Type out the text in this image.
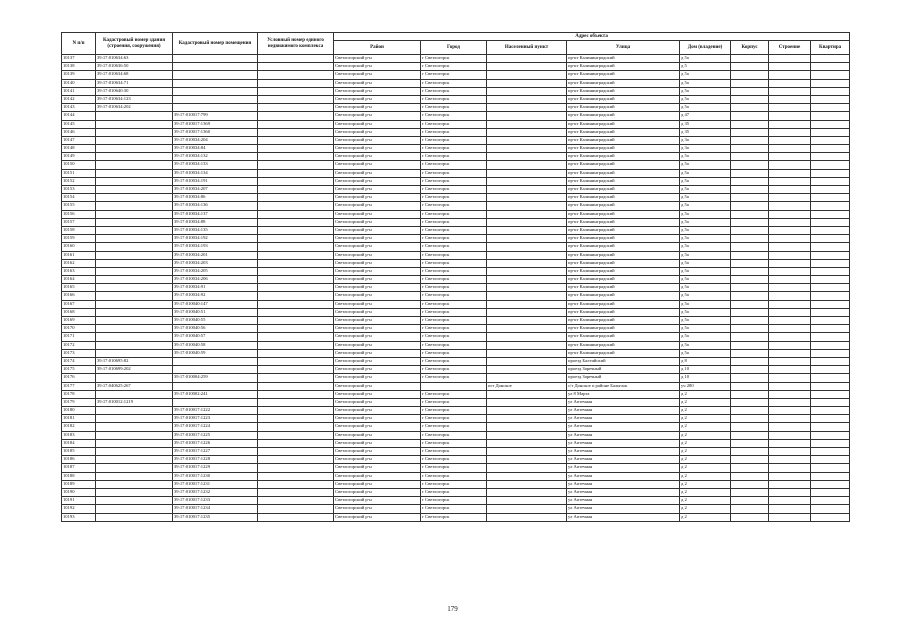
N п/п	Кадастровый номер здания (строения, сооружения)	Кадастровый номер помещения	Условный номер единого недвижимого комплекса	Адрес объекта							
				Район	Город	Населенный пункт	Улица	Дом (владение)	Корпус	Строение	Квартира
10137	39:17:010634:63			Светлогорский р-н	г Светлогорск		пр-кт Калининградский	д 5а			
10138	39:17:010636:50			Светлогорский р-н	г Светлогорск		пр-кт Калининградский	д 5			
10139	39:17:010634:68			Светлогорский р-н	г Светлогорск		пр-кт Калининградский	д 5а			
10140	39:17:010634:71			Светлогорский р-н	г Светлогорск		пр-кт Калининградский	д 5а			
10141	39:17:010640:30			Светлогорский р-н	г Светлогорск		пр-кт Калининградский	д 5а			
10142	39:17:010634:123			Светлогорский р-н	г Светлогорск		пр-кт Калининградский	д 5а			
10143	39:17:010634:202			Светлогорский р-н	г Светлогорск		пр-кт Калининградский	д 5а			
10144		39:17:010017:799		Светлогорский р-н	г Светлогорск		пр-кт Калининградский	д 47			
10145		39:17:010017:1369		Светлогорский р-н	г Светлогорск		пр-кт Калининградский	д 35			
10146		39:17:010017:1360		Светлогорский р-н	г Светлогорск		пр-кт Калининградский	д 35			
10147		39:17:010034:204		Светлогорский р-н	г Светлогорск		пр-кт Калининградский	д 3а			
10148		39:17:010034:84		Светлогорский р-н	г Светлогорск		пр-кт Калининградский	д 3а			
10149		39:17:010034:132		Светлогорский р-н	г Светлогорск		пр-кт Калининградский	д 5а			
10150		39:17:010034:133		Светлогорский р-н	г Светлогорск		пр-кт Калининградский	д 5а			
10151		39:17:010034:134		Светлогорский р-н	г Светлогорск		пр-кт Калининградский	д 5а			
10152		39:17:010034:191		Светлогорский р-н	г Светлогорск		пр-кт Калининградский	д 5а			
10153		39:17:010034:207		Светлогорский р-н	г Светлогорск		пр-кт Калининградский	д 5а			
10154		39:17:010034:86		Светлогорский р-н	г Светлогорск		пр-кт Калининградский	д 5а			
10155		39:17:010034:136		Светлогорский р-н	г Светлогорск		пр-кт Калининградский	д 5а			
10156		39:17:010034:137		Светлогорский р-н	г Светлогорск		пр-кт Калининградский	д 5а			
10157		39:17:010034:88		Светлогорский р-н	г Светлогорск		пр-кт Калининградский	д 5а			
10158		39:17:010034:135		Светлогорский р-н	г Светлогорск		пр-кт Калининградский	д 5а			
10159		39:17:010034:192		Светлогорский р-н	г Светлогорск		пр-кт Калининградский	д 5а			
10160		39:17:010034:193		Светлогорский р-н	г Светлогорск		пр-кт Калининградский	д 5а			
10161		39:17:010034:201		Светлогорский р-н	г Светлогорск		пр-кт Калининградский	д 5а			
10162		39:17:010034:203		Светлогорский р-н	г Светлогорск		пр-кт Калининградский	д 5а			
10163		39:17:010034:205		Светлогорский р-н	г Светлогорск		пр-кт Калининградский	д 5а			
10164		39:17:010034:206		Светлогорский р-н	г Светлогорск		пр-кт Калининградский	д 5а			
10165		39:17:010034:91		Светлогорский р-н	г Светлогорск		пр-кт Калининградский	д 5а			
10166		39:17:010034:92		Светлогорский р-н	г Светлогорск		пр-кт Калининградский	д 5а			
10167		39:17:010040:147		Светлогорский р-н	г Светлогорск		пр-кт Калининградский	д 5а			
10168		39:17:010040:51		Светлогорский р-н	г Светлогорск		пр-кт Калининградский	д 5а			
10169		39:17:010040:55		Светлогорский р-н	г Светлогорск		пр-кт Калининградский	д 5а			
10170		39:17:010040:56		Светлогорский р-н	г Светлогорск		пр-кт Калининградский	д 5а			
10171		39:17:010040:57		Светлогорский р-н	г Светлогорск		пр-кт Калининградский	д 5а			
10172		39:17:010040:58		Светлогорский р-н	г Светлогорск		пр-кт Калининградский	д 5а			
10173		39:17:010040:59		Светлогорский р-н	г Светлогорск		пр-кт Калининградский	д 5а			
10174	39:17:010695:82			Светлогорский р-н	г Светлогорск		проезд Балтийский	д 8			
10175	39:17:010699:202			Светлогорский р-н	г Светлогорск		проезд Заречный	д 10			
10176		39:17:010004:259		Светлогорский р-н	г Светлогорск		проезд Заречный	д 10			
10177	39:17:040625:267			Светлогорский р-н		пгт Донское	с/т Донское п районе Балычок	уч 280			
10178		39:17:010002:241		Светлогорский р-н	г Светлогорск		ул 8 Марта	д 2			
10179	39:17:010012:1219			Светлогорский р-н	г Светлогорск		ул Аптечная	д 2			
10180		39:17:010017:1222		Светлогорский р-н	г Светлогорск		ул Аптечная	д 2			
10181		39:17:010017:1223		Светлогорский р-н	г Светлогорск		ул Аптечная	д 2			
10182		39:17:010017:1224		Светлогорский р-н	г Светлогорск		ул Аптечная	д 2			
10183		39:17:010017:1225		Светлогорский р-н	г Светлогорск		ул Аптечная	д 2			
10184		39:17:010017:1226		Светлогорский р-н	г Светлогорск		ул Аптечная	д 2			
10185		39:17:010017:1227		Светлогорский р-н	г Светлогорск		ул Аптечная	д 2			
10186		39:17:010017:1228		Светлогорский р-н	г Светлогорск		ул Аптечная	д 2			
10187		39:17:010017:1229		Светлогорский р-н	г Светлогорск		ул Аптечная	д 2			
10188		39:17:010017:1230		Светлогорский р-н	г Светлогорск		ул Аптечная	д 2			
10189		39:17:010017:1231		Светлогорский р-н	г Светлогорск		ул Аптечная	д 2			
10190		39:17:010017:1232		Светлогорский р-н	г Светлогорск		ул Аптечная	д 2			
10191		39:17:010017:1233		Светлогорский р-н	г Светлогорск		ул Аптечная	д 2			
10192		39:17:010017:1234		Светлогорский р-н	г Светлогорск		ул Аптечная	д 2			
10193		39:17:010017:1235		Светлогорский р-н	г Светлогорск		ул Аптечная	д 2			
179
